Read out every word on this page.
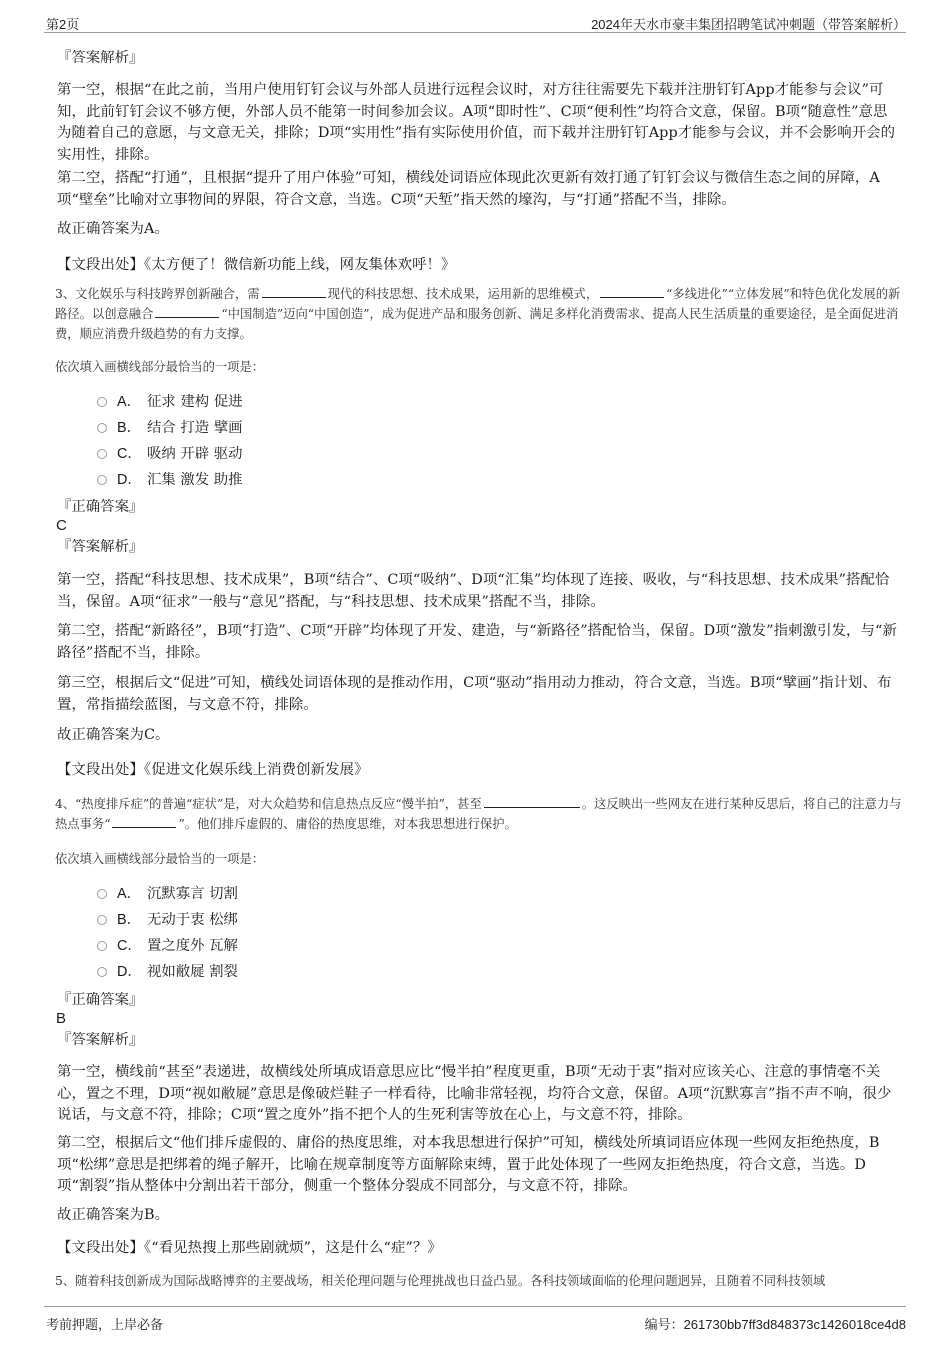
第2页	2024年天水市豪丰集团招聘笔试冲刺题（带答案解析）
『答案解析』
第一空，根据“在此之前，当用户使用钉钉会议与外部人员进行远程会议时，对方往往需要先下载并注册钉钉App才能参与会议”可知，此前钉钉会议不够方便，外部人员不能第一时间参加会议。A项“即时性”、C项“便利性”均符合文意，保留。B项“随意性”意思为随着自己的意愿，与文意无关，排除；D项“实用性”指有实际使用价值，而下载并注册钉钉App才能参与会议，并不会影响开会的实用性，排除。
第二空，搭配“打通”，且根据“提升了用户体验”可知，横线处词语应体现此次更新有效打通了钉钉会议与微信生态之间的屏障，A项“壁垒”比喻对立事物间的界限，符合文意，当选。C项“天堑”指天然的壕沟，与“打通”搭配不当，排除。
故正确答案为A。
【文段出处】《太方便了！微信新功能上线，网友集体欢呼！》
3、文化娱乐与科技跨界创新融合，需	现代的科技思想、技术成果，运用新的思维模式，	“多线进化”“立体发展”和特色优化发展的新路径。以创意融合	“中国制造”迈向“中国创造”，成为促进产品和服务创新、满足多样化消费需求、提高人民生活质量的重要途径，是全面促进消费，顺应消费升级趋势的有力支撑。
依次填入画横线部分最恰当的一项是：
A． 征求 建构 促进
B． 结合 打造 擘画
C． 吸纳 开辟 驱动
D． 汇集 激发 助推
『正确答案』
C
『答案解析』
第一空，搭配“科技思想、技术成果”，B项“结合”、C项“吸纳”、D项“汇集”均体现了连接、吸收，与“科技思想、技术成果”搭配恰当，保留。A项“征求”一般与“意见”搭配，与“科技思想、技术成果”搭配不当，排除。
第二空，搭配“新路径”，B项“打造”、C项“开辟”均体现了开发、建造，与“新路径”搭配恰当，保留。D项“激发”指刺激引发，与“新路径”搭配不当，排除。
第三空，根据后文“促进”可知，横线处词语体现的是推动作用，C项“驱动”指用动力推动，符合文意，当选。B项“擘画”指计划、布置，常指描绘蓝图，与文意不符，排除。
故正确答案为C。
【文段出处】《促进文化娱乐线上消费创新发展》
4、“热度排斥症”的普遍“症状”是，对大众趋势和信息热点反应“慢半拍”，甚至	。这反映出一些网友在进行某种反思后，将自己的注意力与热点事务“	”。他们排斥虚假的、庸俗的热度思维，对本我思想进行保护。
依次填入画横线部分最恰当的一项是：
A． 沉默寡言 切割
B． 无动于衷 松绑
C． 置之度外 瓦解
D． 视如敝屣 割裂
『正确答案』
B
『答案解析』
第一空，横线前“甚至”表递进，故横线处所填成语意思应比“慢半拍”程度更重，B项“无动于衷”指对应该关心、注意的事情毫不关心，置之不理，D项“视如敝屣”意思是像破烂鞋子一样看待，比喻非常轻视，均符合文意，保留。A项“沉默寡言”指不声不响，很少说话，与文意不符，排除；C项“置之度外”指不把个人的生死利害等放在心上，与文意不符，排除。
第二空，根据后文“他们排斥虚假的、庸俗的热度思维，对本我思想进行保护”可知，横线处所填词语应体现一些网友拒绝热度，B项“松绑”意思是把绑着的绳子解开，比喻在规章制度等方面解除束缚，置于此处体现了一些网友拒绝热度，符合文意，当选。D项“割裂”指从整体中分割出若干部分，侧重一个整体分裂成不同部分，与文意不符，排除。
故正确答案为B。
【文段出处】《“看见热搜上那些剧就烦”，这是什么“症”？》
5、随着科技创新成为国际战略博弈的主要战场，相关伦理问题与伦理挑战也日益凸显。各科技领域面临的伦理问题迥异，且随着不同科技领域
考前押题，上岸必备	编号：261730bb7ff3d848373c1426018ce4d8
